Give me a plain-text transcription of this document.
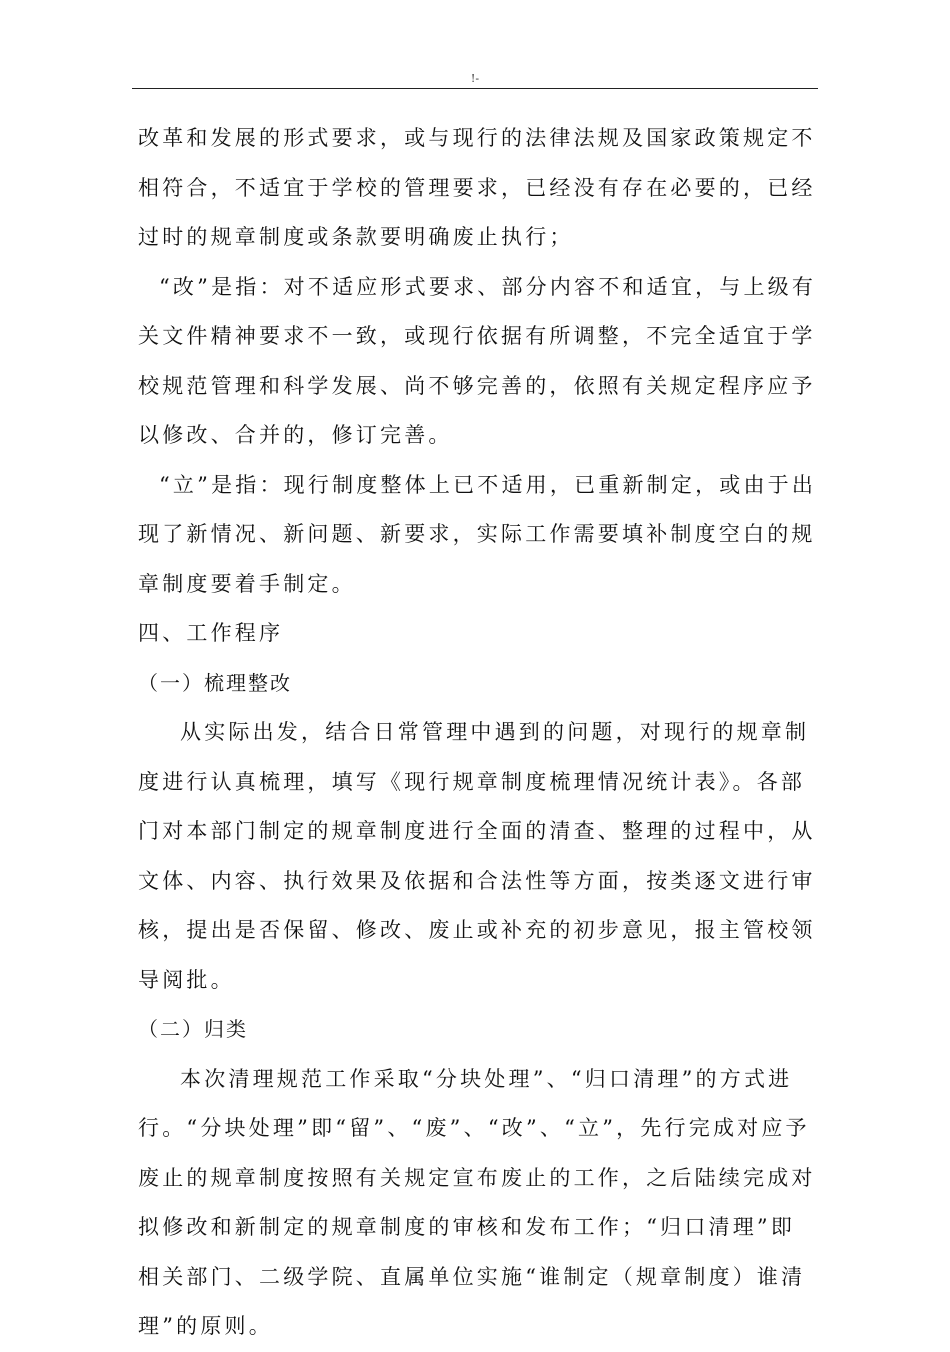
!-

改革和发展的形式要求，或与现行的法律法规及国家政策规定不相符合，不适宜于学校的管理要求，已经没有存在必要的，已经过时的规章制度或条款要明确废止执行；

“改”是指：对不适应形式要求、部分内容不和适宜，与上级有关文件精神要求不一致，或现行依据有所调整，不完全适宜于学校规范管理和科学发展、尚不够完善的，依照有关规定程序应予以修改、合并的，修订完善。

“立”是指：现行制度整体上已不适用，已重新制定，或由于出现了新情况、新问题、新要求，实际工作需要填补制度空白的规章制度要着手制定。

四、工作程序

（一）梳理整改

从实际出发，结合日常管理中遇到的问题，对现行的规章制度进行认真梳理，填写《现行规章制度梳理情况统计表》。各部门对本部门制定的规章制度进行全面的清查、整理的过程中，从文体、内容、执行效果及依据和合法性等方面，按类逐文进行审核，提出是否保留、修改、废止或补充的初步意见，报主管校领导阅批。

（二）归类

本次清理规范工作采取“分块处理”、“归口清理”的方式进行。“分块处理”即“留”、“废”、“改”、“立”，先行完成对应予废止的规章制度按照有关规定宣布废止的工作，之后陆续完成对拟修改和新制定的规章制度的审核和发布工作；“归口清理”即相关部门、二级学院、直属单位实施“谁制定（规章制度）谁清理”的原则。
